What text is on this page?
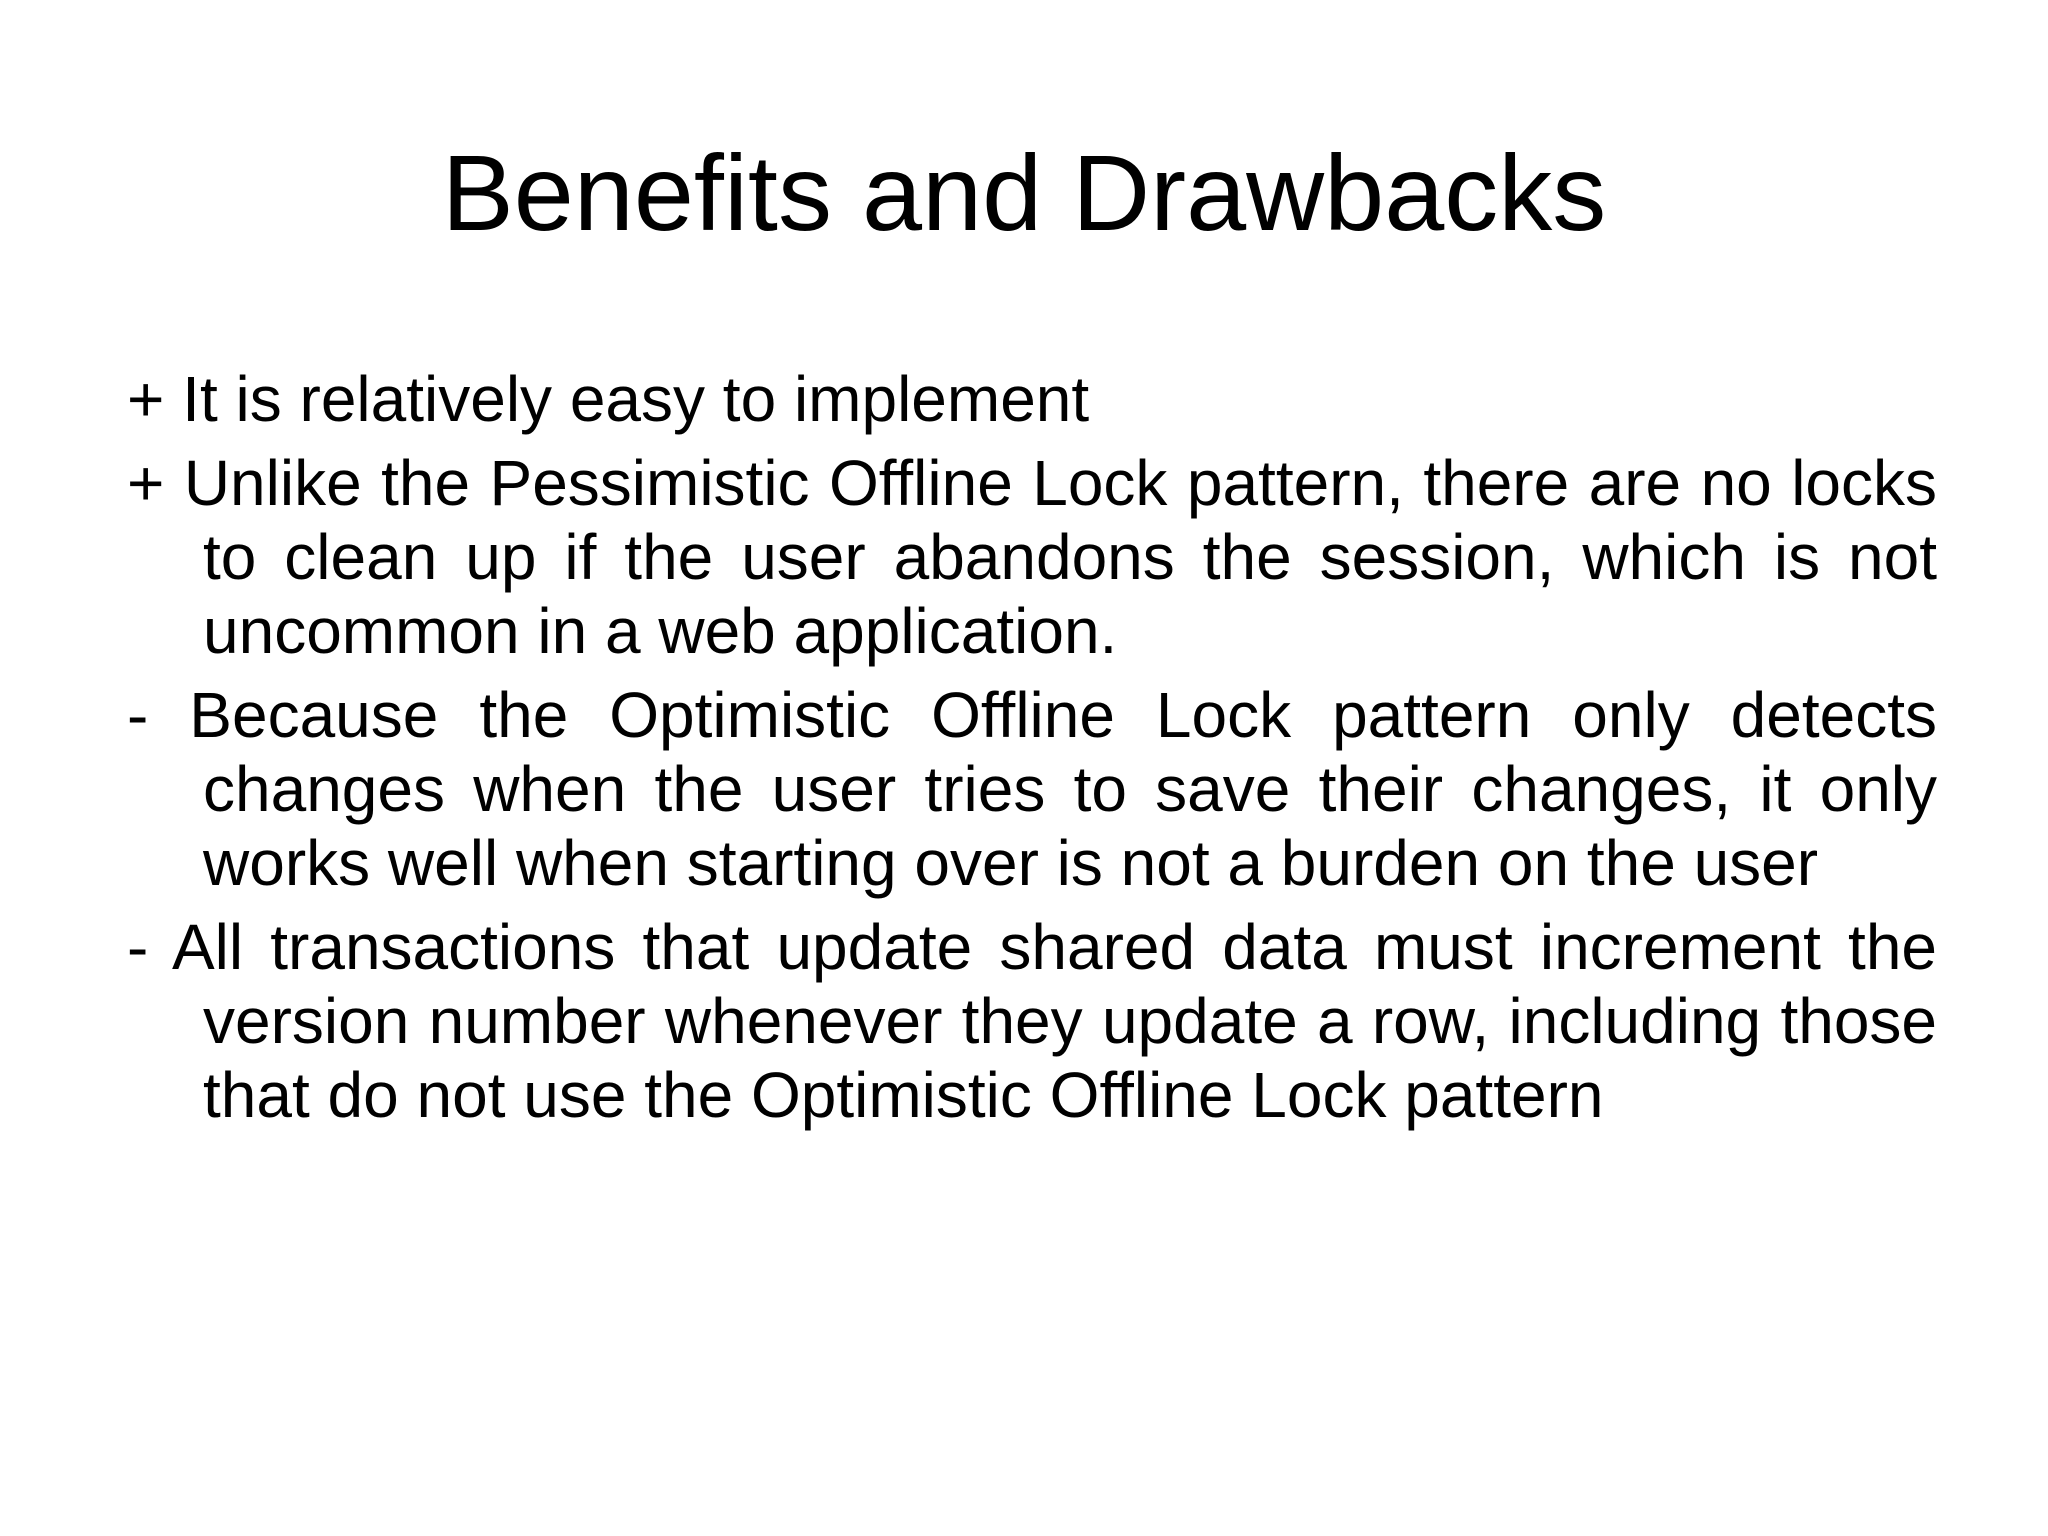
Benefits and Drawbacks
+ It is relatively easy to implement
+ Unlike the Pessimistic Offline Lock pattern, there are no locks to clean up if the user abandons the session, which is not uncommon in a web application.
- Because the Optimistic Offline Lock pattern only detects changes when the user tries to save their changes, it only works well when starting over is not a burden on the user
- All transactions that update shared data must increment the version number whenever they update a row, including those that do not use the Optimistic Offline Lock pattern
